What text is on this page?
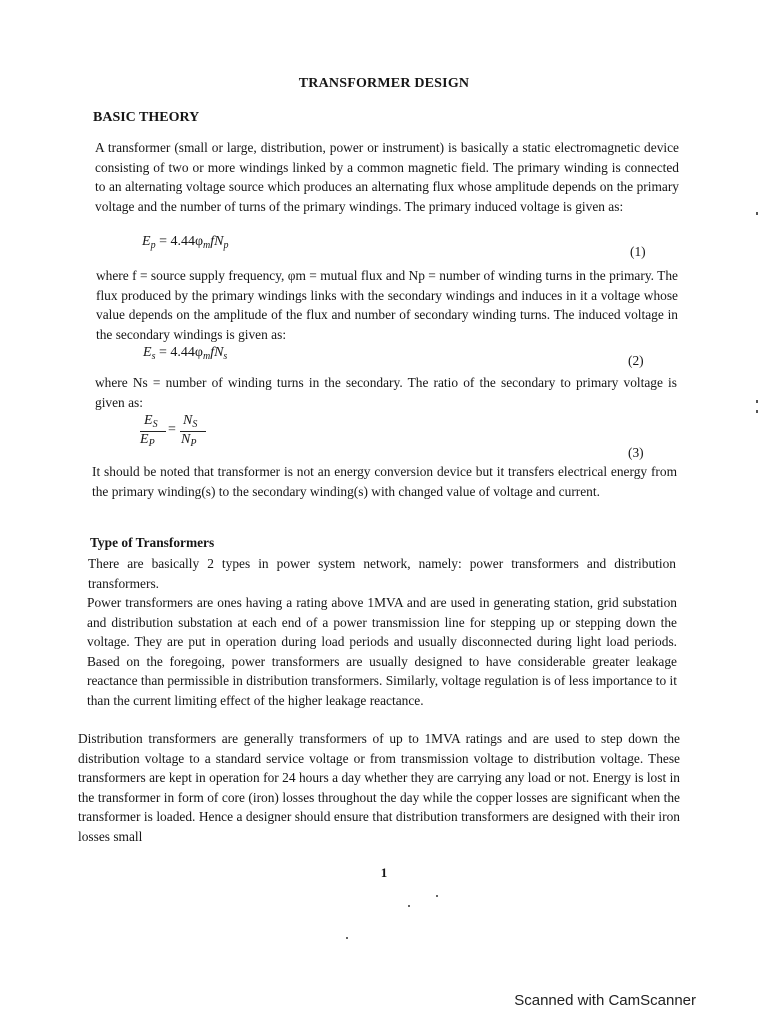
TRANSFORMER DESIGN
BASIC THEORY
A transformer (small or large, distribution, power or instrument) is basically a static electromagnetic device consisting of two or more windings linked by a common magnetic field. The primary winding is connected to an alternating voltage source which produces an alternating flux whose amplitude depends on the primary voltage and the number of turns of the primary windings. The primary induced voltage is given as:
$E_p = 4.44\varphi_mfN_p$	(1)
where f = source supply frequency, φm = mutual flux and Np = number of winding turns in the primary. The flux produced by the primary windings links with the secondary windings and induces in it a voltage whose value depends on the amplitude of the flux and number of secondary winding turns. The induced voltage in the secondary windings is given as:
$E_s = 4.44\varphi_mfN_s$	(2)
where Ns = number of winding turns in the secondary. The ratio of the secondary to primary voltage is given as:
$E_S$
$E_P$
=
$N_S$
$N_P$
(3)
It should be noted that transformer is not an energy conversion device but it transfers electrical energy from the primary winding(s) to the secondary winding(s) with changed value of voltage and current.
Type of Transformers
There are basically 2 types in power system network, namely: power transformers and distribution transformers.
Power transformers are ones having a rating above 1MVA and are used in generating station, grid substation and distribution substation at each end of a power transmission line for stepping up or stepping down the voltage. They are put in operation during load periods and usually disconnected during light load periods. Based on the foregoing, power transformers are usually designed to have considerable greater leakage reactance than permissible in distribution transformers. Similarly, voltage regulation is of less importance to it than the current limiting effect of the higher leakage reactance.
Distribution transformers are generally transformers of up to 1MVA ratings and are used to step down the distribution voltage to a standard service voltage or from transmission voltage to distribution voltage. These transformers are kept in operation for 24 hours a day whether they are carrying any load or not. Energy is lost in the transformer in form of core (iron) losses throughout the day while the copper losses are significant when the transformer is loaded. Hence a designer should ensure that distribution transformers are designed with their iron losses small
1
Scanned with CamScanner
